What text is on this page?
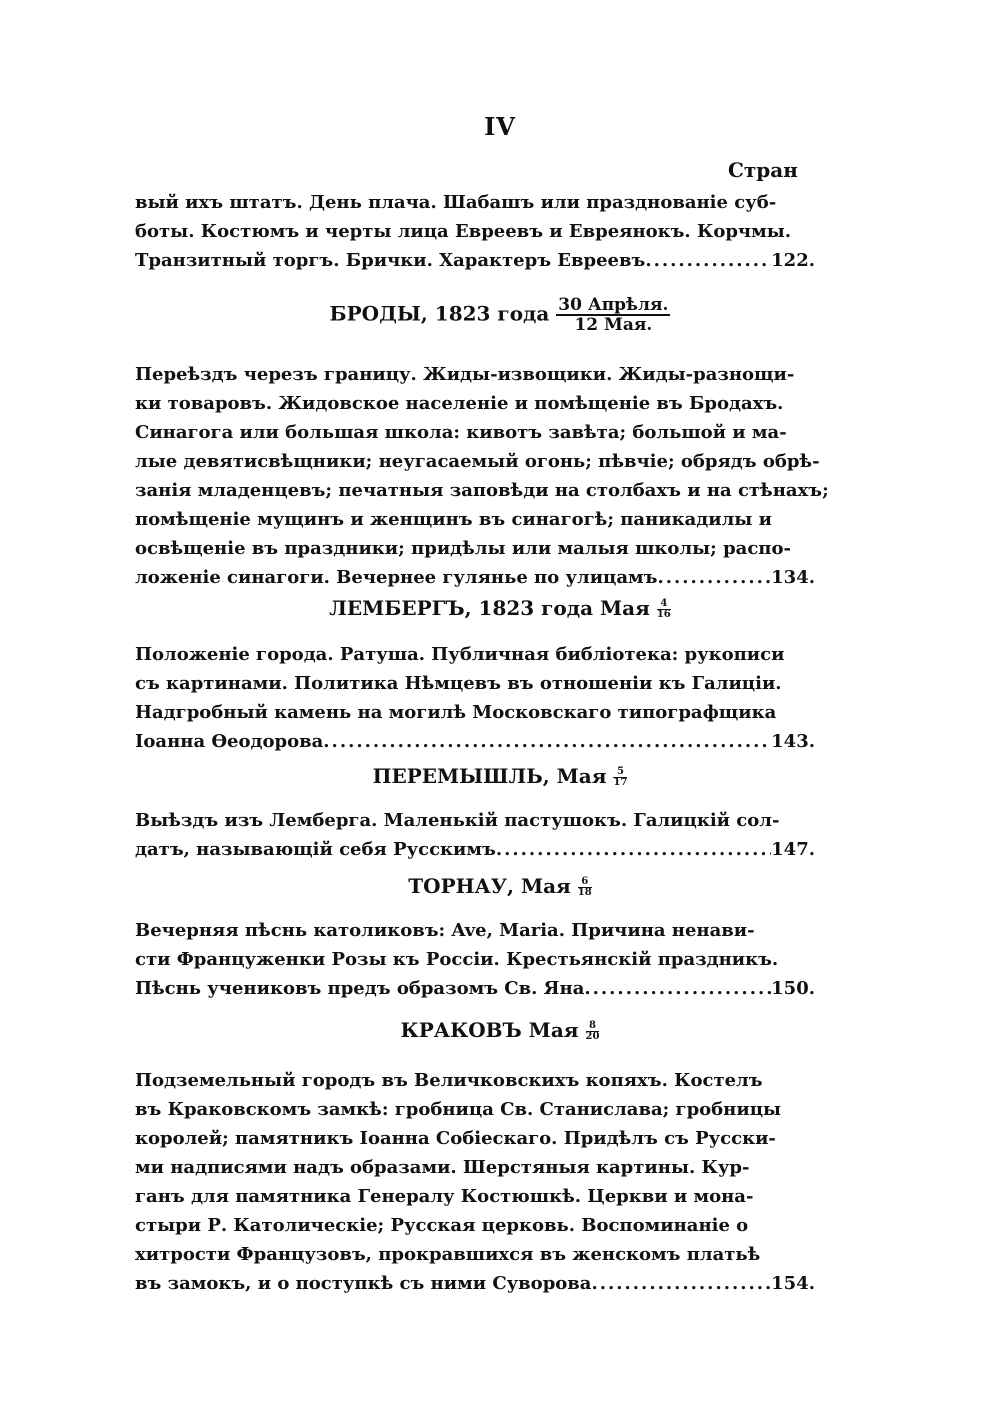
IV
Стран
вый ихъ штатъ. День плача. Шабашъ или празднованіе суб-
боты. Костюмъ и черты лица Евреевъ и Евреянокъ. Корчмы.
Транзитный торгъ. Брички. Характеръ Евреевъ .....	122.
БРОДЫ, 1823 года $\frac{\text{30 Апрѣля.}}{\text{12 Мая.}}$
Переѣздъ черезъ границу. Жиды-извощики. Жиды-разнощи-
ки товаровъ. Жидовское населеніе и помѣщеніе въ Бродахъ.
Синагога или большая школа: кивотъ завѣта; большой и ма-
лые девятисвѣщники; неугасаемый огонь; пѣвчіе; обрядъ обрѣ-
занія младенцевъ; печатныя заповѣди на столбахъ и на стѣнахъ;
помѣщеніе мущинъ и женщинъ въ синагогѣ; паникадилы и
освѣщеніе въ праздники; придѣлы или малыя школы; распо-
ложеніе синагоги. Вечернее гулянье по улицамъ .....	134.
ЛЕМБЕРГЪ, 1823 года Мая $\frac{4}{16}$
Положеніе города. Ратуша. Публичная библіотека: рукописи
съ картинами. Политика Нѣмцевъ въ отношеніи къ Галиціи.
Надгробный камень на могилѣ Московскаго типографщика
Іоанна Ѳеодорова .....	143.
ПЕРЕМЫШЛЬ, Мая $\frac{5}{17}$
Выѣздъ изъ Лемберга. Маленькій пастушокъ. Галицкій сол-
датъ, называющій себя Русскимъ .....	147.
ТОРНАУ, Мая $\frac{6}{18}$
Вечерняя пѣснь католиковъ: Ave, Maria. Причина ненави-
сти Француженки Розы къ Россіи. Крестьянскій праздникъ.
Пѣснь учениковъ предъ образомъ Св. Яна .....	150.
КРАКОВЪ Мая $\frac{8}{20}$
Подземельный городъ въ Величковскихъ копяхъ. Костелъ
въ Краковскомъ замкѣ: гробница Св. Станислава; гробницы
королей; памятникъ Іоанна Собіескаго. Придѣлъ съ Русски-
ми надписями надъ образами. Шерстяныя картины. Кур-
ганъ для памятника Генералу Костюшкѣ. Церкви и мона-
стыри Р. Католическіе; Русская церковь. Воспоминаніе о
хитрости Французовъ, прокравшихся въ женскомъ платьѣ
въ замокъ, и о поступкѣ съ ними Суворова .....	154.
